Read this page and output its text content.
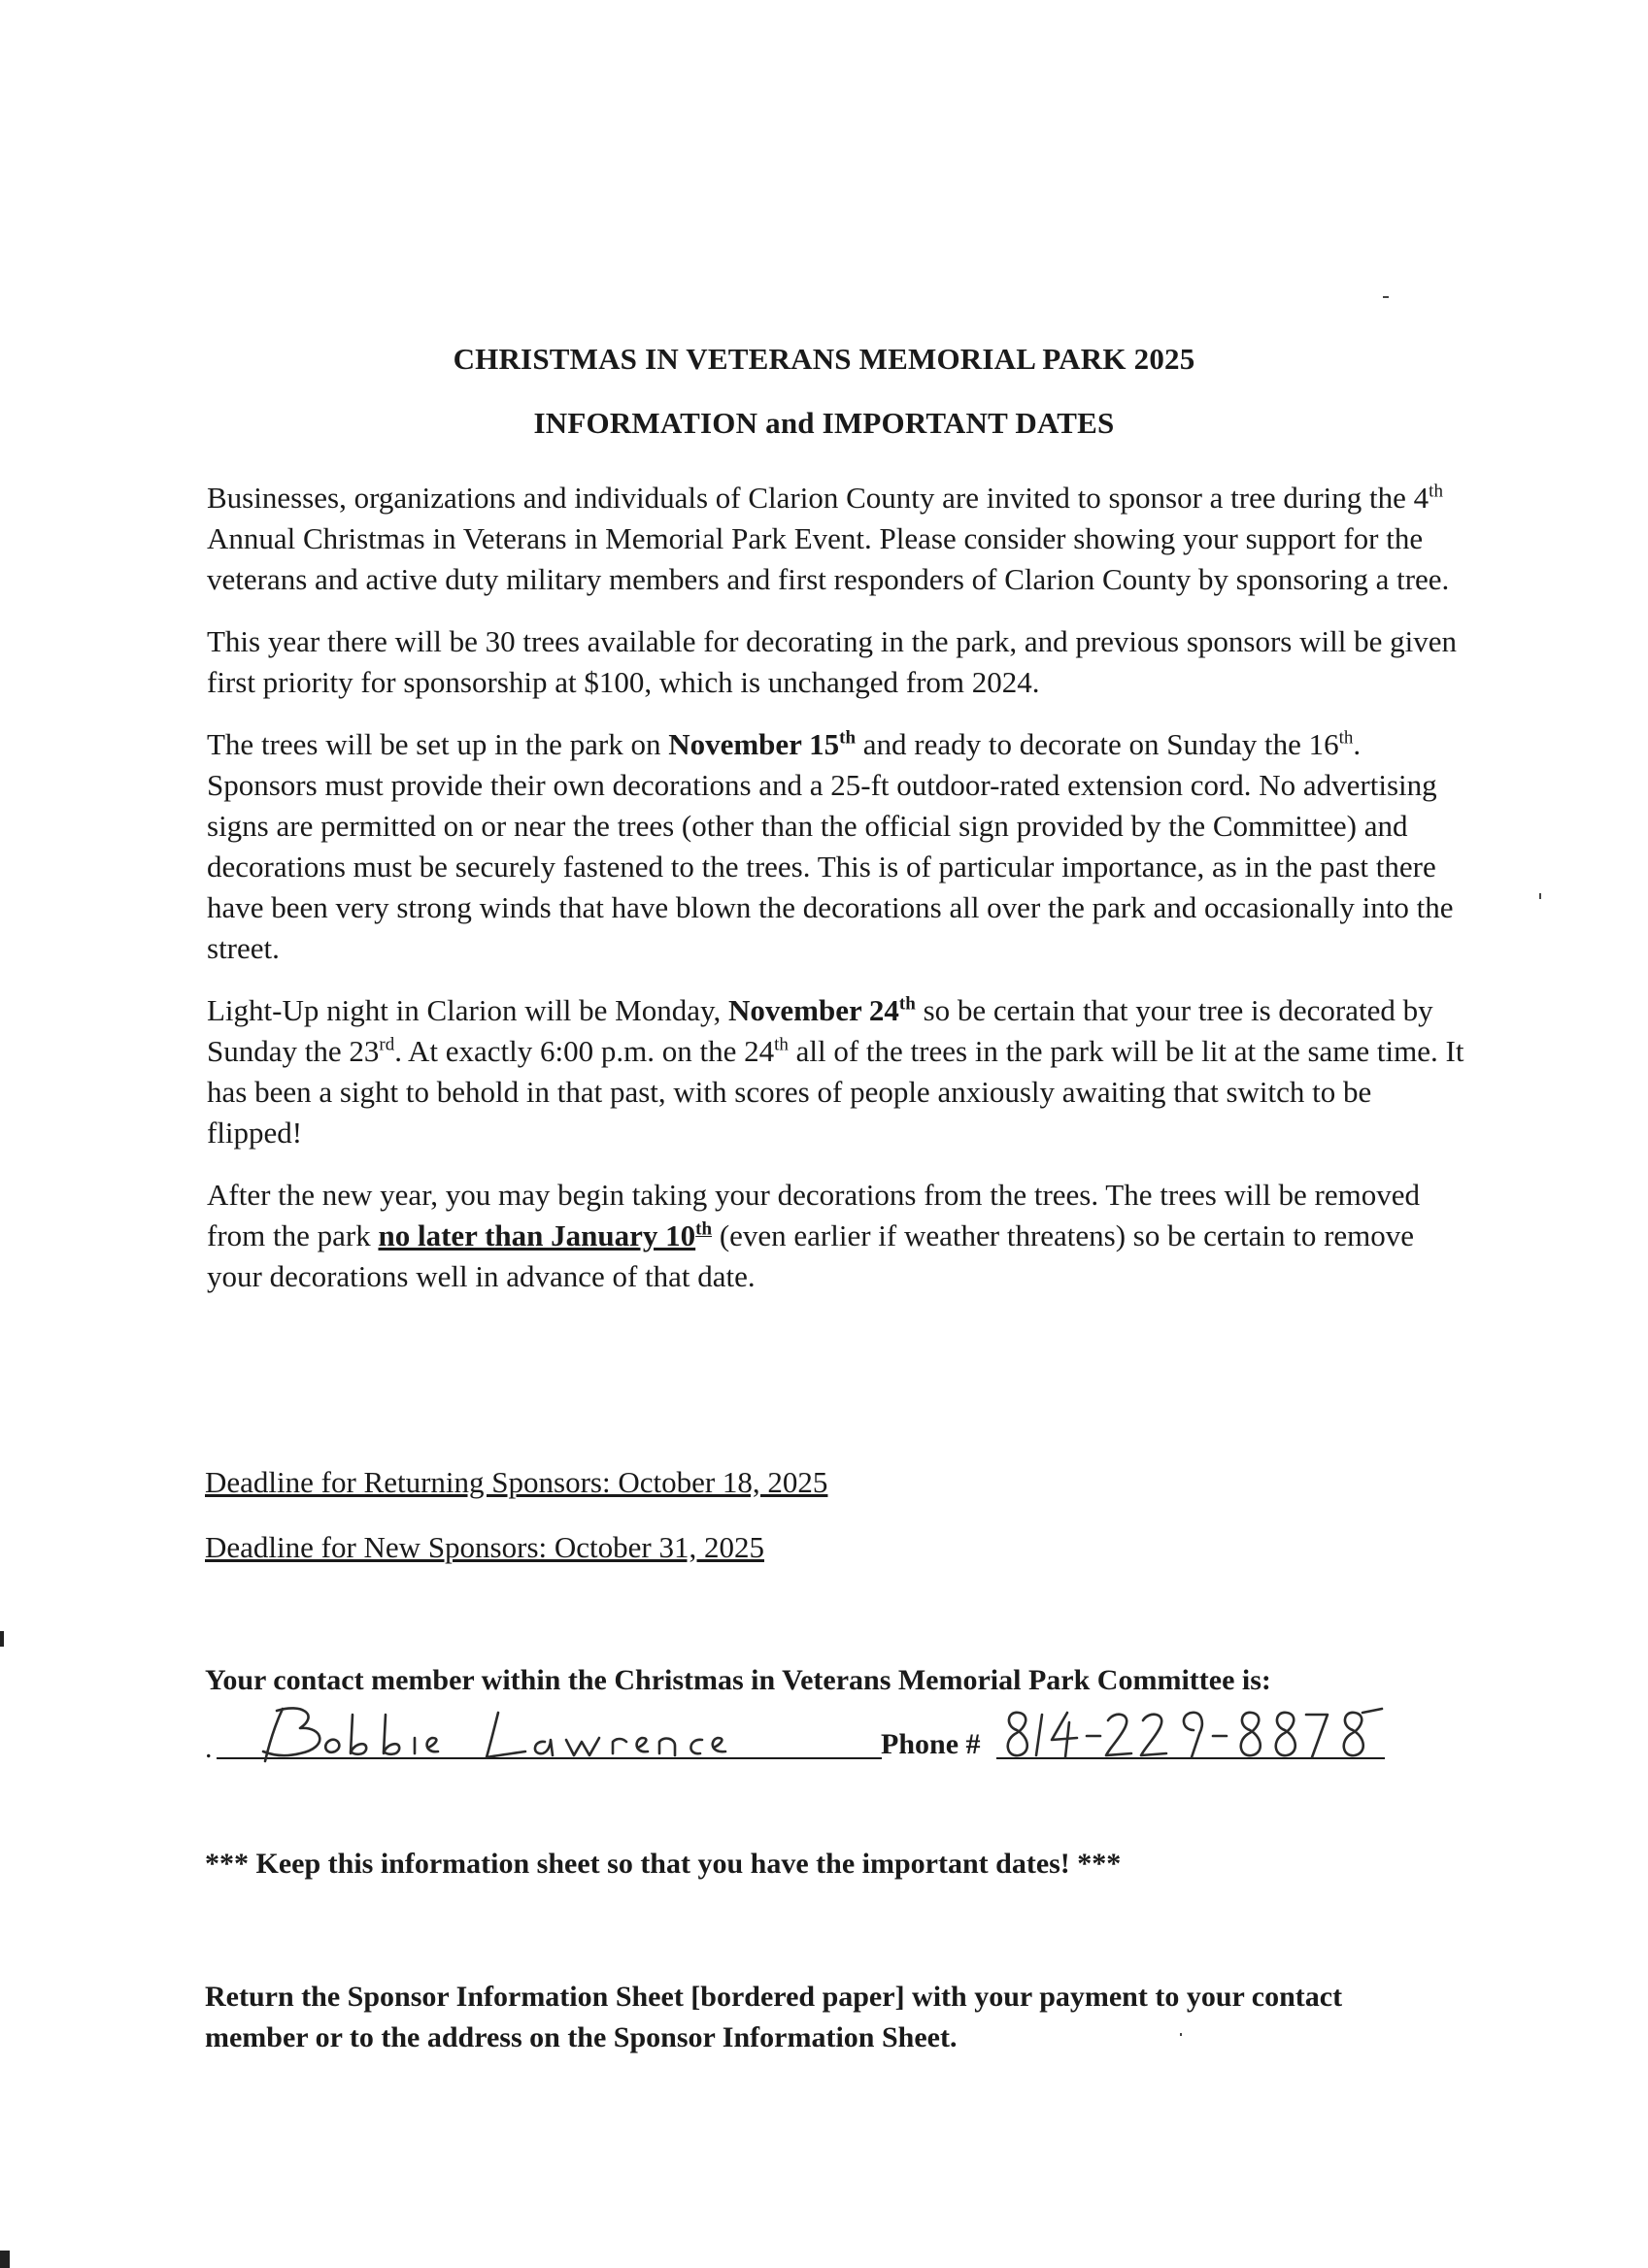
CHRISTMAS IN VETERANS MEMORIAL PARK 2025
INFORMATION and IMPORTANT DATES

Businesses, organizations and individuals of Clarion County are invited to sponsor a tree during the 4th Annual Christmas in Veterans in Memorial Park Event. Please consider showing your support for the veterans and active duty military members and first responders of Clarion County by sponsoring a tree.

This year there will be 30 trees available for decorating in the park, and previous sponsors will be given first priority for sponsorship at $100, which is unchanged from 2024.

The trees will be set up in the park on November 15th and ready to decorate on Sunday the 16th. Sponsors must provide their own decorations and a 25-ft outdoor-rated extension cord. No advertising signs are permitted on or near the trees (other than the official sign provided by the Committee) and decorations must be securely fastened to the trees. This is of particular importance, as in the past there have been very strong winds that have blown the decorations all over the park and occasionally into the street.

Light-Up night in Clarion will be Monday, November 24th so be certain that your tree is decorated by Sunday the 23rd. At exactly 6:00 p.m. on the 24th all of the trees in the park will be lit at the same time. It has been a sight to behold in that past, with scores of people anxiously awaiting that switch to be flipped!

After the new year, you may begin taking your decorations from the trees. The trees will be removed from the park no later than January 10th (even earlier if weather threatens) so be certain to remove your decorations well in advance of that date.

Deadline for Returning Sponsors: October 18, 2025
Deadline for New Sponsors: October 31, 2025
Your contact member within the Christmas in Veterans Memorial Park Committee is:
.	Phone #
*** Keep this information sheet so that you have the important dates! ***
Return the Sponsor Information Sheet [bordered paper] with your payment to your contact member or to the address on the Sponsor Information Sheet.
